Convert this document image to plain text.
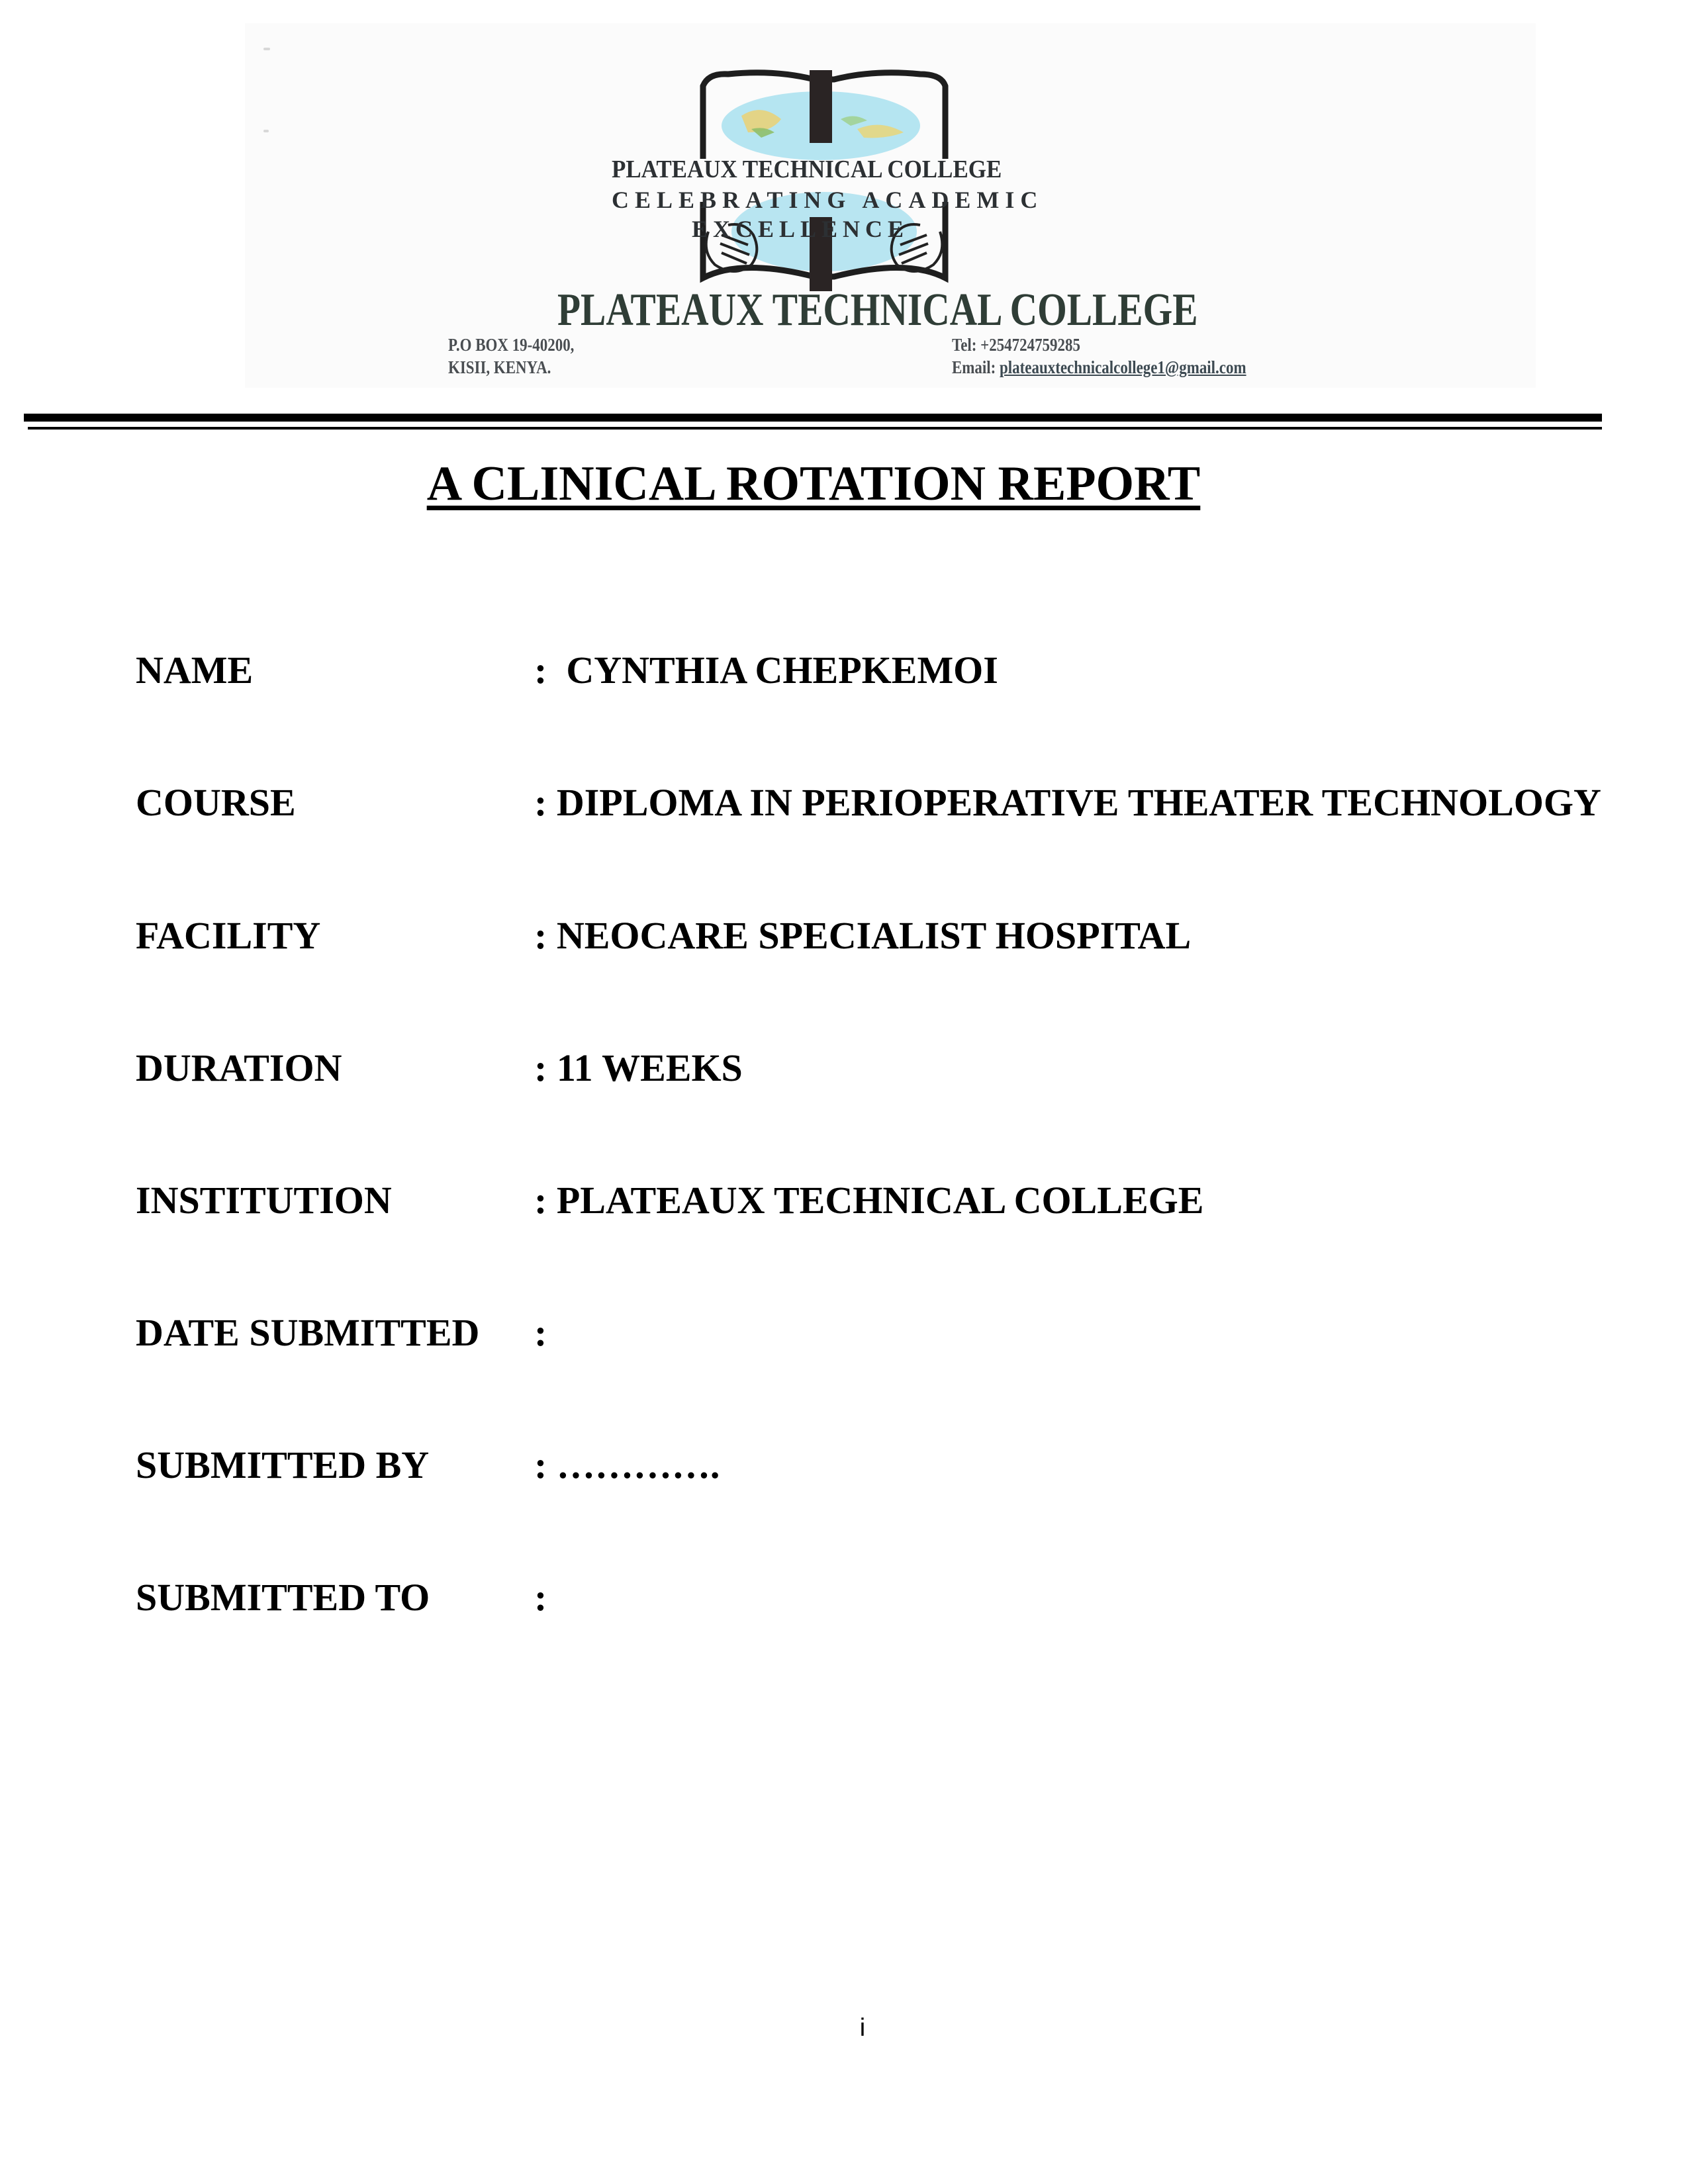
PLATEAUX TECHNICAL COLLEGE
CELEBRATING ACADEMIC
EXCELLENCE
PLATEAUX TECHNICAL COLLEGE
P.O BOX 19-40200,
KISII, KENYA.
Tel: +254724759285
Email: plateauxtechnicalcollege1@gmail.com
A CLINICAL ROTATION REPORT
NAME	:  CYNTHIA CHEPKEMOI
COURSE	: DIPLOMA IN PERIOPERATIVE THEATER TECHNOLOGY
FACILITY	: NEOCARE SPECIALIST HOSPITAL
DURATION	: 11 WEEKS
INSTITUTION	: PLATEAUX TECHNICAL COLLEGE
DATE SUBMITTED :
SUBMITTED BY	: ………….
SUBMITTED TO	:
i
